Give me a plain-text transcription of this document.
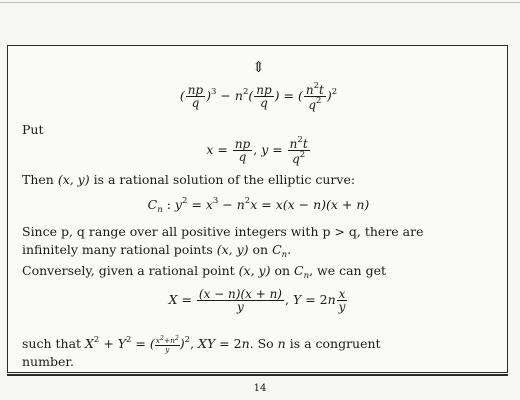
⇕
( $\frac{np}{q} )^3 - n^2( \frac{np}{q}$ ) = ( $\frac{n^2t}{q^2} )^2$
Put
$x = \frac{np}{q}$ , $y = \frac{n^2t}{q^2}$
Then (x, y) is a rational solution of the elliptic curve:
$C_n$ : $y^2 = x^3 - n^2x = x(x - n)(x + n)$
Since p, q range over all positive integers with p > q, there are
infinitely many rational points (x, y) on $C_n$.
Conversely, given a rational point (x, y) on $C_n$, we can get
$X = \frac{(x - n)(x + n)}{y}$ , $Y = 2n \frac{x}{y}$
such that $X^2 + Y^2$ = ( $\frac{x^2+n^2}{y} )^2$, XY = 2n. So n is a congruent
number.
14
